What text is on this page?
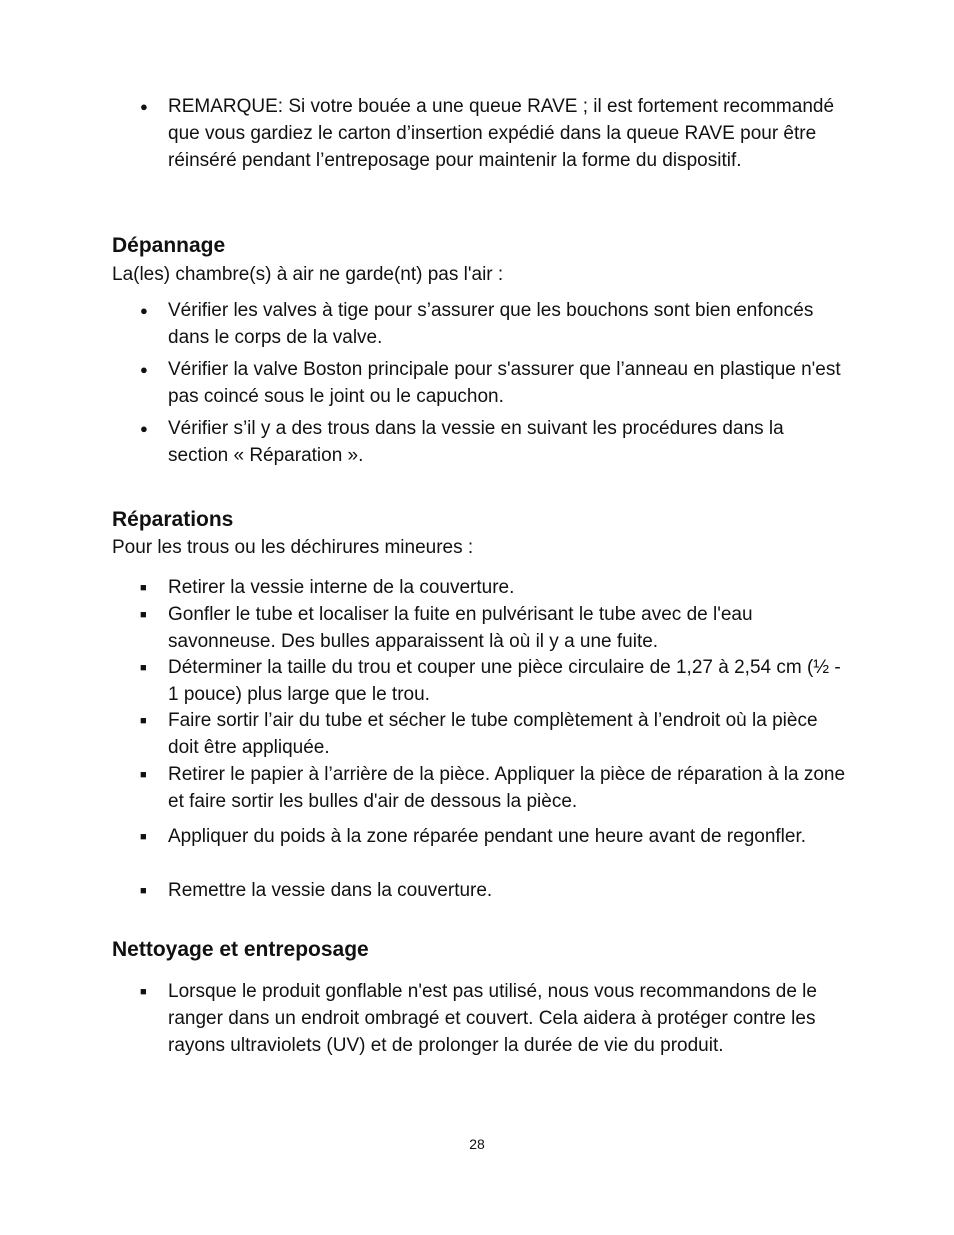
● REMARQUE: Si votre bouée a une queue RAVE ; il est fortement recommandé que vous gardiez le carton d’insertion expédié dans la queue RAVE pour être réinséré pendant l’entreposage pour maintenir la forme du dispositif.

Dépannage

La(les) chambre(s) à air ne garde(nt) pas l'air :

● Vérifier les valves à tige pour s’assurer que les bouchons sont bien enfoncés dans le corps de la valve.

● Vérifier la valve Boston principale pour s'assurer que l’anneau en plastique n'est pas coincé sous le joint ou le capuchon.

● Vérifier s’il y a des trous dans la vessie en suivant les procédures dans la section « Réparation ».

Réparations

Pour les trous ou les déchirures mineures :

■ Retirer la vessie interne de la couverture.

■ Gonfler le tube et localiser la fuite en pulvérisant le tube avec de l'eau savonneuse. Des bulles apparaissent là où il y a une fuite.

■ Déterminer la taille du trou et couper une pièce circulaire de 1,27 à 2,54 cm (½ - 1 pouce) plus large que le trou.

■ Faire sortir l’air du tube et sécher le tube complètement à l’endroit où la pièce doit être appliquée.

■ Retirer le papier à l’arrière de la pièce. Appliquer la pièce de réparation à la zone et faire sortir les bulles d'air de dessous la pièce.

■ Appliquer du poids à la zone réparée pendant une heure avant de regonfler.

■ Remettre la vessie dans la couverture.

Nettoyage et entreposage
■ Lorsque le produit gonflable n'est pas utilisé, nous vous recommandons de le ranger dans un endroit ombragé et couvert. Cela aidera à protéger contre les rayons ultraviolets (UV) et de prolonger la durée de vie du produit.

28
